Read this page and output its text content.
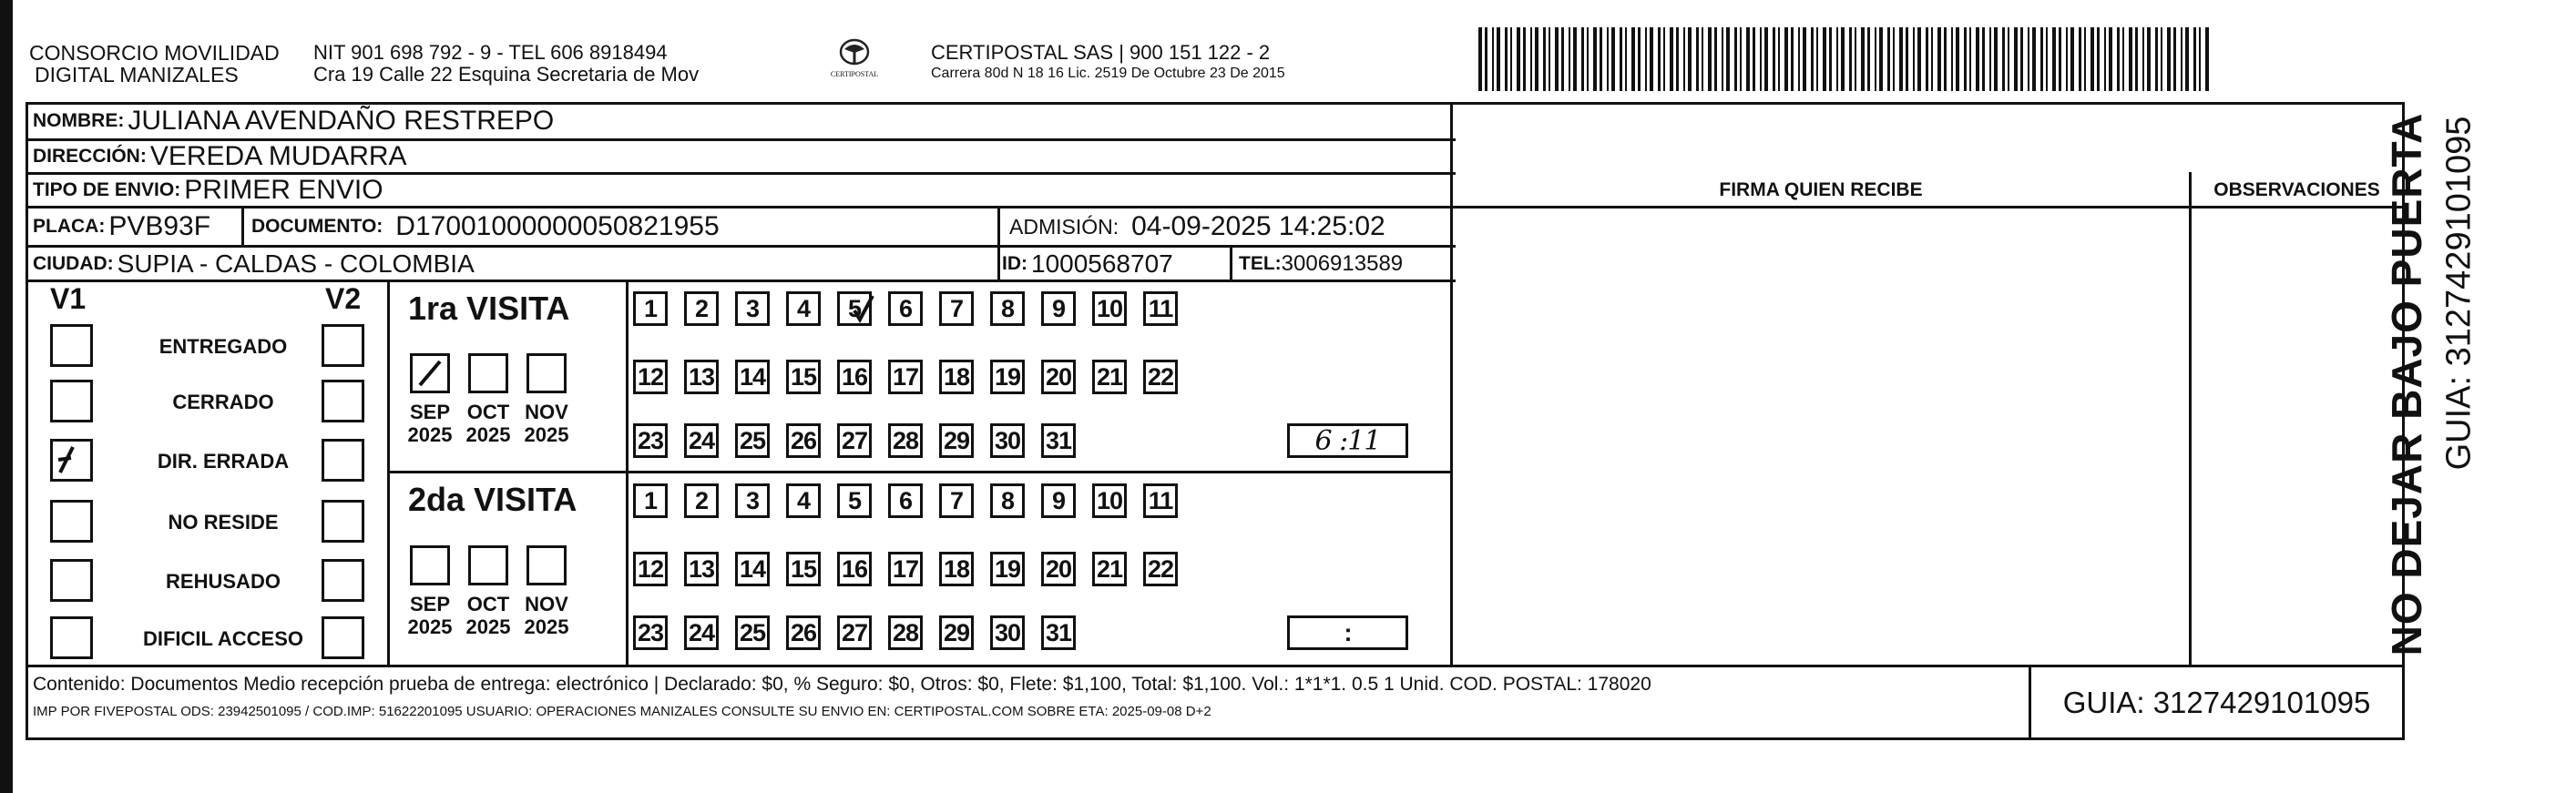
CONSORCIO MOVILIDAD
DIGITAL MANIZALES
NIT 901 698 792 - 9 - TEL 606 8918494
Cra 19 Calle 22 Esquina Secretaria de Mov	CERTIPOSTAL
CERTIPOSTAL SAS | 900 151 122 - 2
Carrera 80d N 18 16 Lic. 2519 De Octubre 23 De 2015
NOMBRE: JULIANA AVENDAÑO RESTREPO
DIRECCIÓN: VEREDA MUDARRA
TIPO DE ENVIO: PRIMER ENVIO
PLACA: PVB93F DOCUMENTO: D17001000000050821955	ADMISIÓN: 04-09-2025 14:25:02
CIUDAD: SUPIA - CALDAS - COLOMBIA	ID: 1000568707	TEL: 3006913589
FIRMA QUIEN RECIBE	OBSERVACIONES
V1	V2
ENTREGADO
CERRADO
DIR. ERRADA
NO RESIDE
REHUSADO
DIFICIL ACCESO
1ra VISITA
2da VISITA
SEP
2025
OCT
2025
NOV
2025
1 2 3 4 5 6 7 8 9 10 11
12 13 14 15 16 17 18 19 20 21 22
23 24 25 26 27 28 29 30 31	6 :11
SEP
2025
OCT
2025
NOV
2025
1 2 3 4 5 6 7 8 9 10 11
12 13 14 15 16 17 18 19 20 21 22
23 24 25 26 27 28 29 30 31	:
Contenido: Documentos Medio recepción prueba de entrega: electrónico | Declarado: $0, % Seguro: $0, Otros: $0, Flete: $1,100, Total: $1,100. Vol.: 1*1*1. 0.5 1 Unid. COD. POSTAL: 178020
IMP POR FIVEPOSTAL ODS: 23942501095 / COD.IMP: 51622201095 USUARIO: OPERACIONES MANIZALES CONSULTE SU ENVIO EN: CERTIPOSTAL.COM SOBRE ETA: 2025-09-08 D+2	GUIA: 3127429101095
NO DEJAR BAJO PUERTA GUIA: 3127429101095
